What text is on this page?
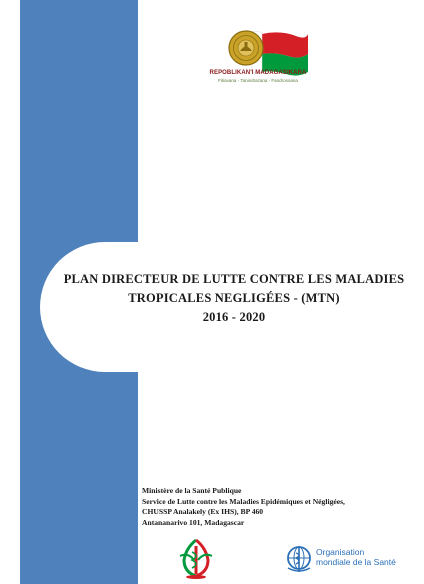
REPOBLIKAN'I MADAGASIKARA
Fitiavana - Tanindrazana - Fandrosoana
PLAN DIRECTEUR DE LUTTE CONTRE LES MALADIES
TROPICALES NEGLIGÉES - (MTN)
2016 - 2020
Ministère de la Santé Publique
Service de Lutte contre les Maladies Epidémiques et Négligées,
CHUSSP Analakely (Ex IHS), BP 460
Antananarivo 101, Madagascar
Organisation
mondiale de la Santé
